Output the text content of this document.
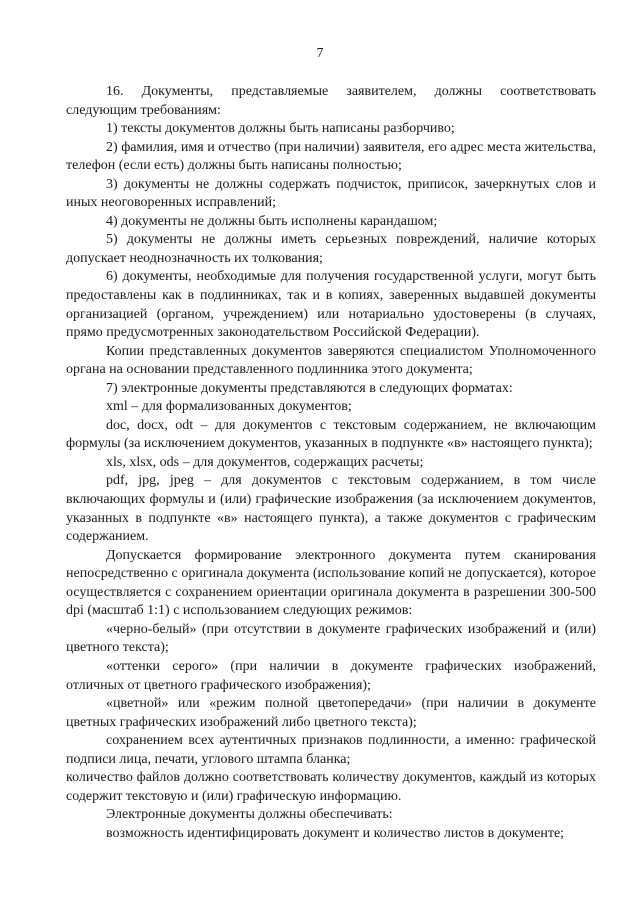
7

16. Документы, представляемые заявителем, должны соответствовать следующим требованиям:

1) тексты документов должны быть написаны разборчиво;

2) фамилия, имя и отчество (при наличии) заявителя, его адрес места жительства, телефон (если есть) должны быть написаны полностью;

3) документы не должны содержать подчисток, приписок, зачеркнутых слов и иных неоговоренных исправлений;

4) документы не должны быть исполнены карандашом;

5) документы не должны иметь серьезных повреждений, наличие которых допускает неоднозначность их толкования;

6) документы, необходимые для получения государственной услуги, могут быть предоставлены как в подлинниках, так и в копиях, заверенных выдавшей документы организацией (органом, учреждением) или нотариально удостоверены (в случаях, прямо предусмотренных законодательством Российской Федерации).

Копии представленных документов заверяются специалистом Уполномоченного органа на основании представленного подлинника этого документа;

7) электронные документы представляются в следующих форматах:

xml – для формализованных документов;

doc, docx, odt – для документов с текстовым содержанием, не включающим формулы (за исключением документов, указанных в подпункте «в» настоящего пункта);

xls, xlsx, ods – для документов, содержащих расчеты;

pdf, jpg, jpeg – для документов с текстовым содержанием, в том числе включающих формулы и (или) графические изображения (за исключением документов, указанных в подпункте «в» настоящего пункта), а также документов с графическим содержанием.

Допускается формирование электронного документа путем сканирования непосредственно с оригинала документа (использование копий не допускается), которое осуществляется с сохранением ориентации оригинала документа в разрешении 300-500 dpi (масштаб 1:1) с использованием следующих режимов:

«черно-белый» (при отсутствии в документе графических изображений и (или) цветного текста);

«оттенки серого» (при наличии в документе графических изображений, отличных от цветного графического изображения);

«цветной» или «режим полной цветопередачи» (при наличии в документе цветных графических изображений либо цветного текста);

сохранением всех аутентичных признаков подлинности, а именно: графической подписи лица, печати, углового штампа бланка;

количество файлов должно соответствовать количеству документов, каждый из которых содержит текстовую и (или) графическую информацию.

Электронные документы должны обеспечивать:

возможность идентифицировать документ и количество листов в документе;
